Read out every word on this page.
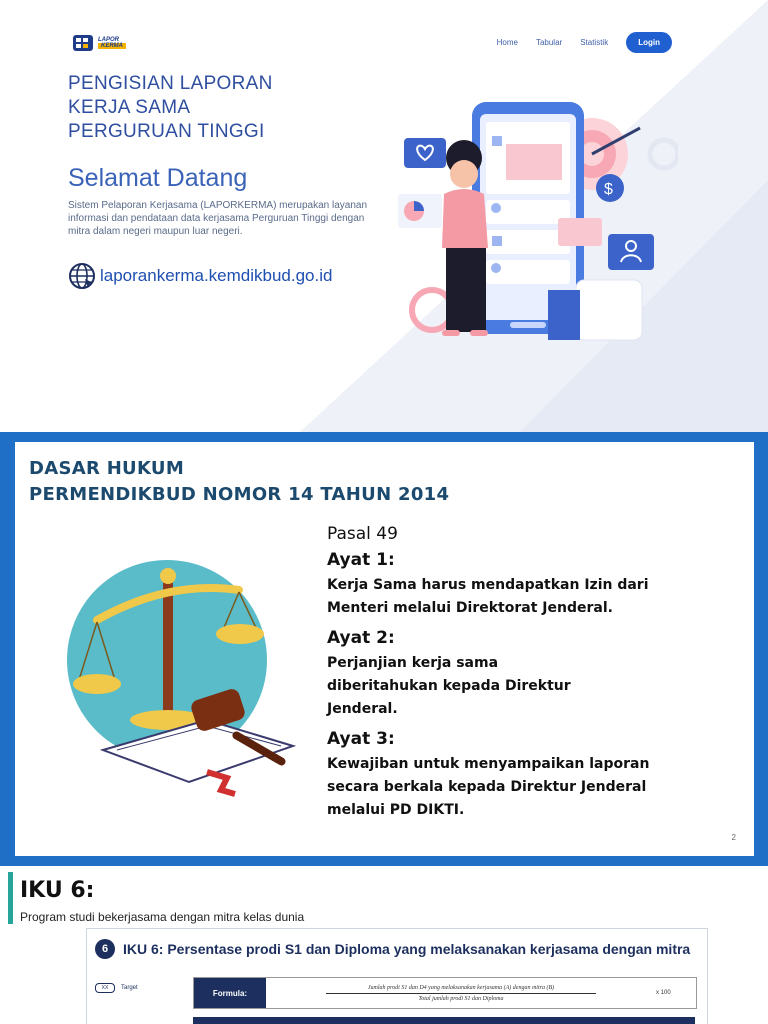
LAPOR
KERMA	Home Tabular Statistik	Login
PENGISIAN LAPORAN
KERJA SAMA
PERGURUAN TINGGI
Selamat Datang
Sistem Pelaporan Kerjasama (LAPORKERMA) merupakan layanan informasi dan pendataan data kerjasama Perguruan Tinggi dengan mitra dalam negeri maupun luar negeri.
laporankerma.kemdikbud.go.id
$
DASAR HUKUM
PERMENDIKBUD NOMOR 14 TAHUN 2014
Pasal 49
Ayat 1:
Kerja Sama harus mendapatkan Izin dari Menteri melalui Direktorat Jenderal.
Ayat 2:
Perjanjian kerja sama
diberitahukan kepada Direktur
Jenderal.
Ayat 3:
Kewajiban untuk menyampaikan laporan secara berkala kepada Direktur Jenderal melalui PD DIKTI.
2
IKU 6:
Program studi bekerjasama dengan mitra kelas dunia
6	IKU 6: Persentase prodi S1 dan Diploma yang melaksanakan kerjasama dengan mitra
XX	Target
Formula:
Jumlah prodi S1 dan D4 yang melaksanakan kerjasama (A) dengan mitra (B)
Total jumlah prodi S1 dan Diploma
x 100
